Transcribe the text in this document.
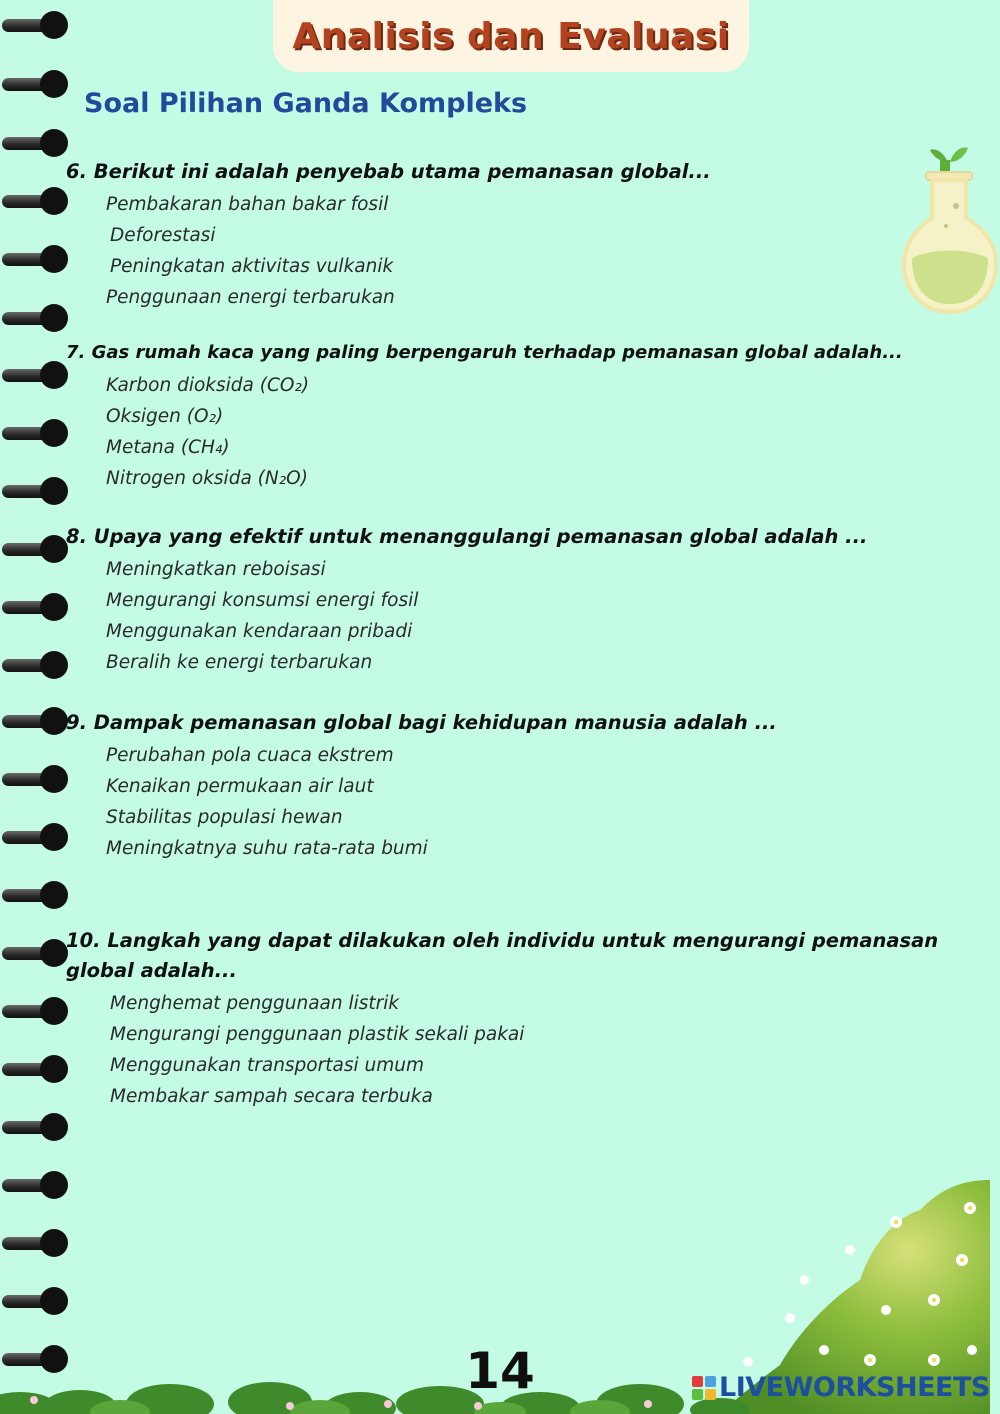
Analisis dan Evaluasi
Soal Pilihan Ganda Kompleks

6. Berikut ini adalah penyebab utama pemanasan global...

Pembakaran bahan bakar fosil
Deforestasi
Peningkatan aktivitas vulkanik
Penggunaan energi terbarukan

7. Gas rumah kaca yang paling berpengaruh terhadap pemanasan global adalah...

Karbon dioksida (CO₂)
Oksigen (O₂)
Metana (CH₄)
Nitrogen oksida (N₂O)

8. Upaya yang efektif untuk menanggulangi pemanasan global adalah ...

Meningkatkan reboisasi
Mengurangi konsumsi energi fosil
Menggunakan kendaraan pribadi
Beralih ke energi terbarukan

9. Dampak pemanasan global bagi kehidupan manusia adalah ...

Perubahan pola cuaca ekstrem
Kenaikan permukaan air laut
Stabilitas populasi hewan
Meningkatnya suhu rata-rata bumi

10. Langkah yang dapat dilakukan oleh individu untuk mengurangi pemanasan global adalah...

Menghemat penggunaan listrik
Mengurangi penggunaan plastik sekali pakai
Menggunakan transportasi umum
Membakar sampah secara terbuka
14	LIVEWORKSHEETS
